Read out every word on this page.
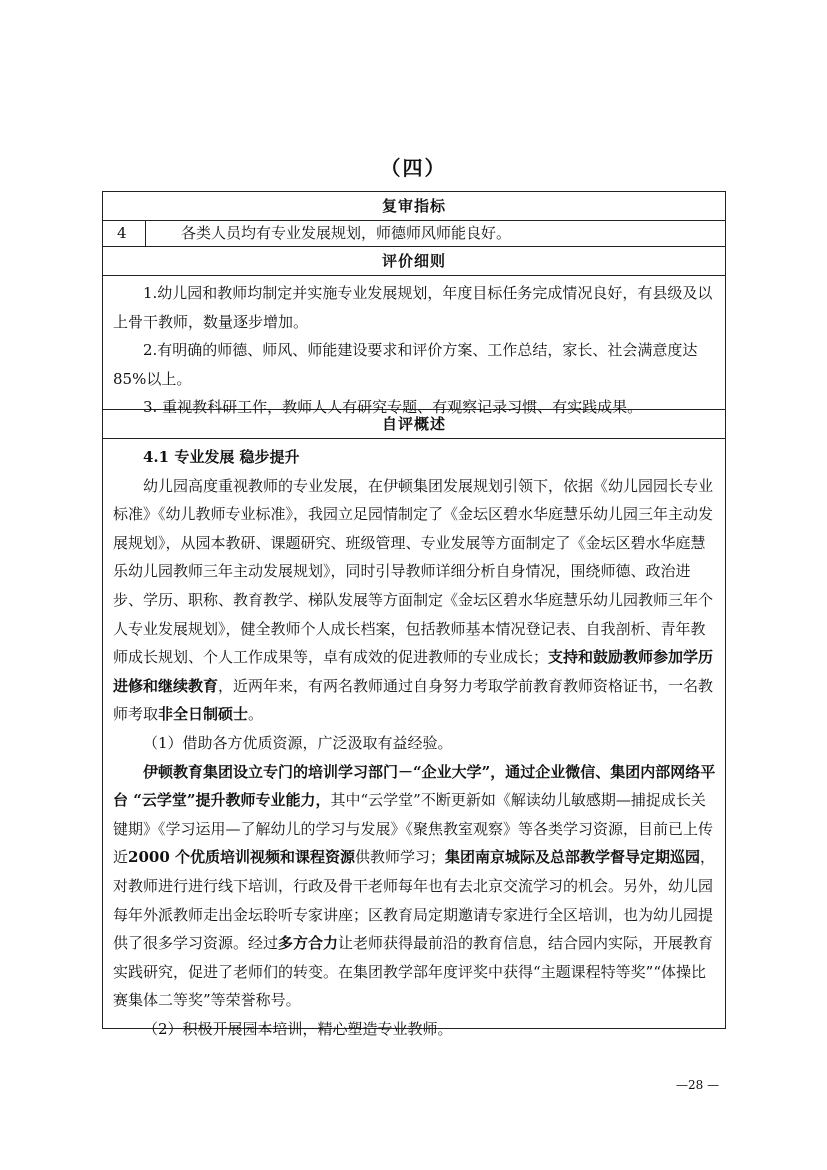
（四）
复审指标
4	各类人员均有专业发展规划，师德师风师能良好。
评价细则

1.幼儿园和教师均制定并实施专业发展规划，年度目标任务完成情况良好，有县级及以上骨干教师，数量逐步增加。

2.有明确的师德、师风、师能建设要求和评价方案、工作总结，家长、社会满意度达 85%以上。

3. 重视教科研工作，教师人人有研究专题、有观察记录习惯、有实践成果。

自评概述

4.1 专业发展 稳步提升

幼儿园高度重视教师的专业发展，在伊顿集团发展规划引领下，依据《幼儿园园长专业标准》《幼儿教师专业标准》，我园立足园情制定了《金坛区碧水华庭慧乐幼儿园三年主动发展规划》，从园本教研、课题研究、班级管理、专业发展等方面制定了《金坛区碧水华庭慧乐幼儿园教师三年主动发展规划》，同时引导教师详细分析自身情况，围绕师德、政治进步、学历、职称、教育教学、梯队发展等方面制定《金坛区碧水华庭慧乐幼儿园教师三年个人专业发展规划》，健全教师个人成长档案，包括教师基本情况登记表、自我剖析、青年教师成长规划、个人工作成果等，卓有成效的促进教师的专业成长；支持和鼓励教师参加学历进修和继续教育，近两年来，有两名教师通过自身努力考取学前教育教师资格证书，一名教师考取非全日制硕士。

（1）借助各方优质资源，广泛汲取有益经验。

伊顿教育集团设立专门的培训学习部门－“企业大学”，通过企业微信、集团内部网络平台 “云学堂”提升教师专业能力，其中“云学堂”不断更新如《解读幼儿敏感期—捕捉成长关键期》《学习运用—了解幼儿的学习与发展》《聚焦教室观察》等各类学习资源，目前已上传近2000 个优质培训视频和课程资源供教师学习；集团南京城际及总部教学督导定期巡园，对教师进行进行线下培训，行政及骨干老师每年也有去北京交流学习的机会。另外，幼儿园每年外派教师走出金坛聆听专家讲座；区教育局定期邀请专家进行全区培训，也为幼儿园提供了很多学习资源。经过多方合力让老师获得最前沿的教育信息，结合园内实际，开展教育实践研究，促进了老师们的转变。在集团教学部年度评奖中获得“主题课程特等奖”“体操比赛集体二等奖”等荣誉称号。

（2）积极开展园本培训，精心塑造专业教师。

—28 —
